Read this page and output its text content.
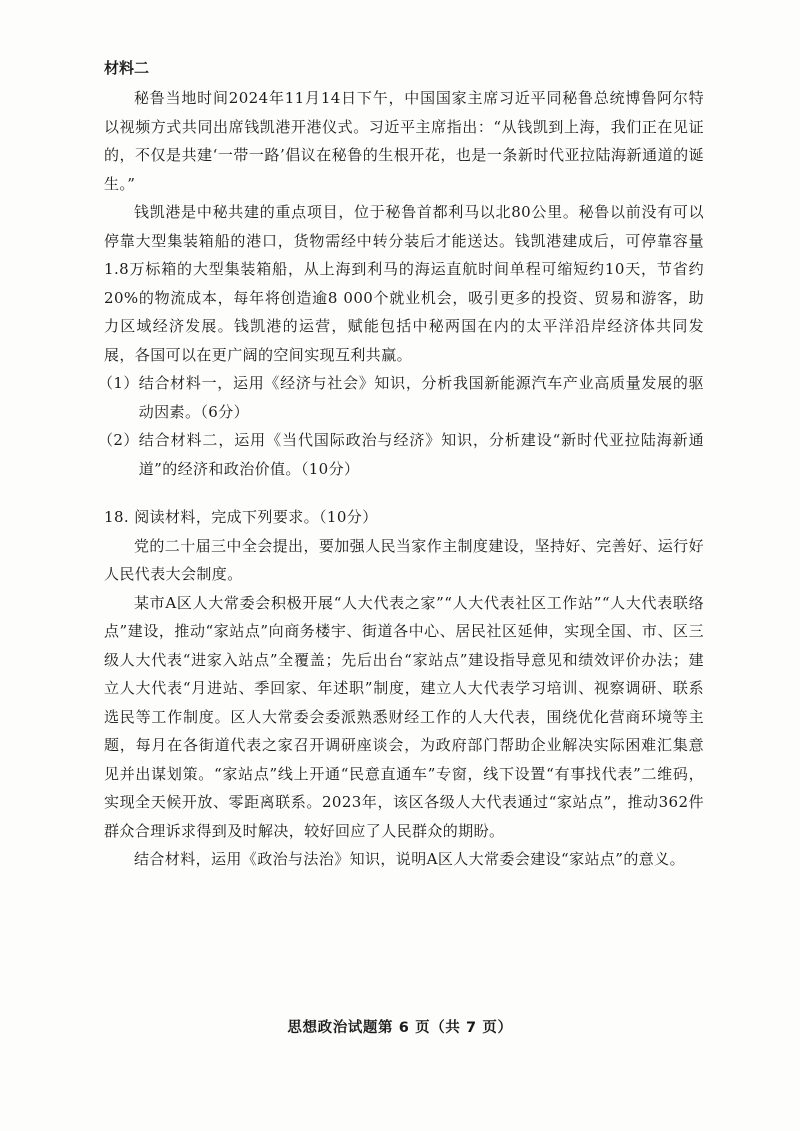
材料二

秘鲁当地时间2024年11月14日下午，中国国家主席习近平同秘鲁总统博鲁阿尔特以视频方式共同出席钱凯港开港仪式。习近平主席指出：“从钱凯到上海，我们正在见证的，不仅是共建‘一带一路’倡议在秘鲁的生根开花，也是一条新时代亚拉陆海新通道的诞生。”

钱凯港是中秘共建的重点项目，位于秘鲁首都利马以北80公里。秘鲁以前没有可以停靠大型集装箱船的港口，货物需经中转分装后才能送达。钱凯港建成后，可停靠容量1.8万标箱的大型集装箱船，从上海到利马的海运直航时间单程可缩短约10天，节省约20%的物流成本，每年将创造逾8 000个就业机会，吸引更多的投资、贸易和游客，助力区域经济发展。钱凯港的运营，赋能包括中秘两国在内的太平洋沿岸经济体共同发展，各国可以在更广阔的空间实现互利共赢。

（1） 结合材料一，运用《经济与社会》知识，分析我国新能源汽车产业高质量发展的驱动因素。（6分）
（2） 结合材料二，运用《当代国际政治与经济》知识，分析建设“新时代亚拉陆海新通道”的经济和政治价值。（10分）

18. 阅读材料，完成下列要求。（10分）

党的二十届三中全会提出，要加强人民当家作主制度建设，坚持好、完善好、运行好人民代表大会制度。

某市A区人大常委会积极开展“人大代表之家”“人大代表社区工作站”“人大代表联络点”建设，推动“家站点”向商务楼宇、街道各中心、居民社区延伸，实现全国、市、区三级人大代表“进家入站点”全覆盖；先后出台“家站点”建设指导意见和绩效评价办法；建立人大代表“月进站、季回家、年述职”制度，建立人大代表学习培训、视察调研、联系选民等工作制度。区人大常委会委派熟悉财经工作的人大代表，围绕优化营商环境等主题，每月在各街道代表之家召开调研座谈会，为政府部门帮助企业解决实际困难汇集意见并出谋划策。“家站点”线上开通“民意直通车”专窗，线下设置“有事找代表”二维码，实现全天候开放、零距离联系。2023年，该区各级人大代表通过“家站点”，推动362件群众合理诉求得到及时解决，较好回应了人民群众的期盼。

结合材料，运用《政治与法治》知识，说明A区人大常委会建设“家站点”的意义。

思想政治试题第 6 页（共 7 页）
